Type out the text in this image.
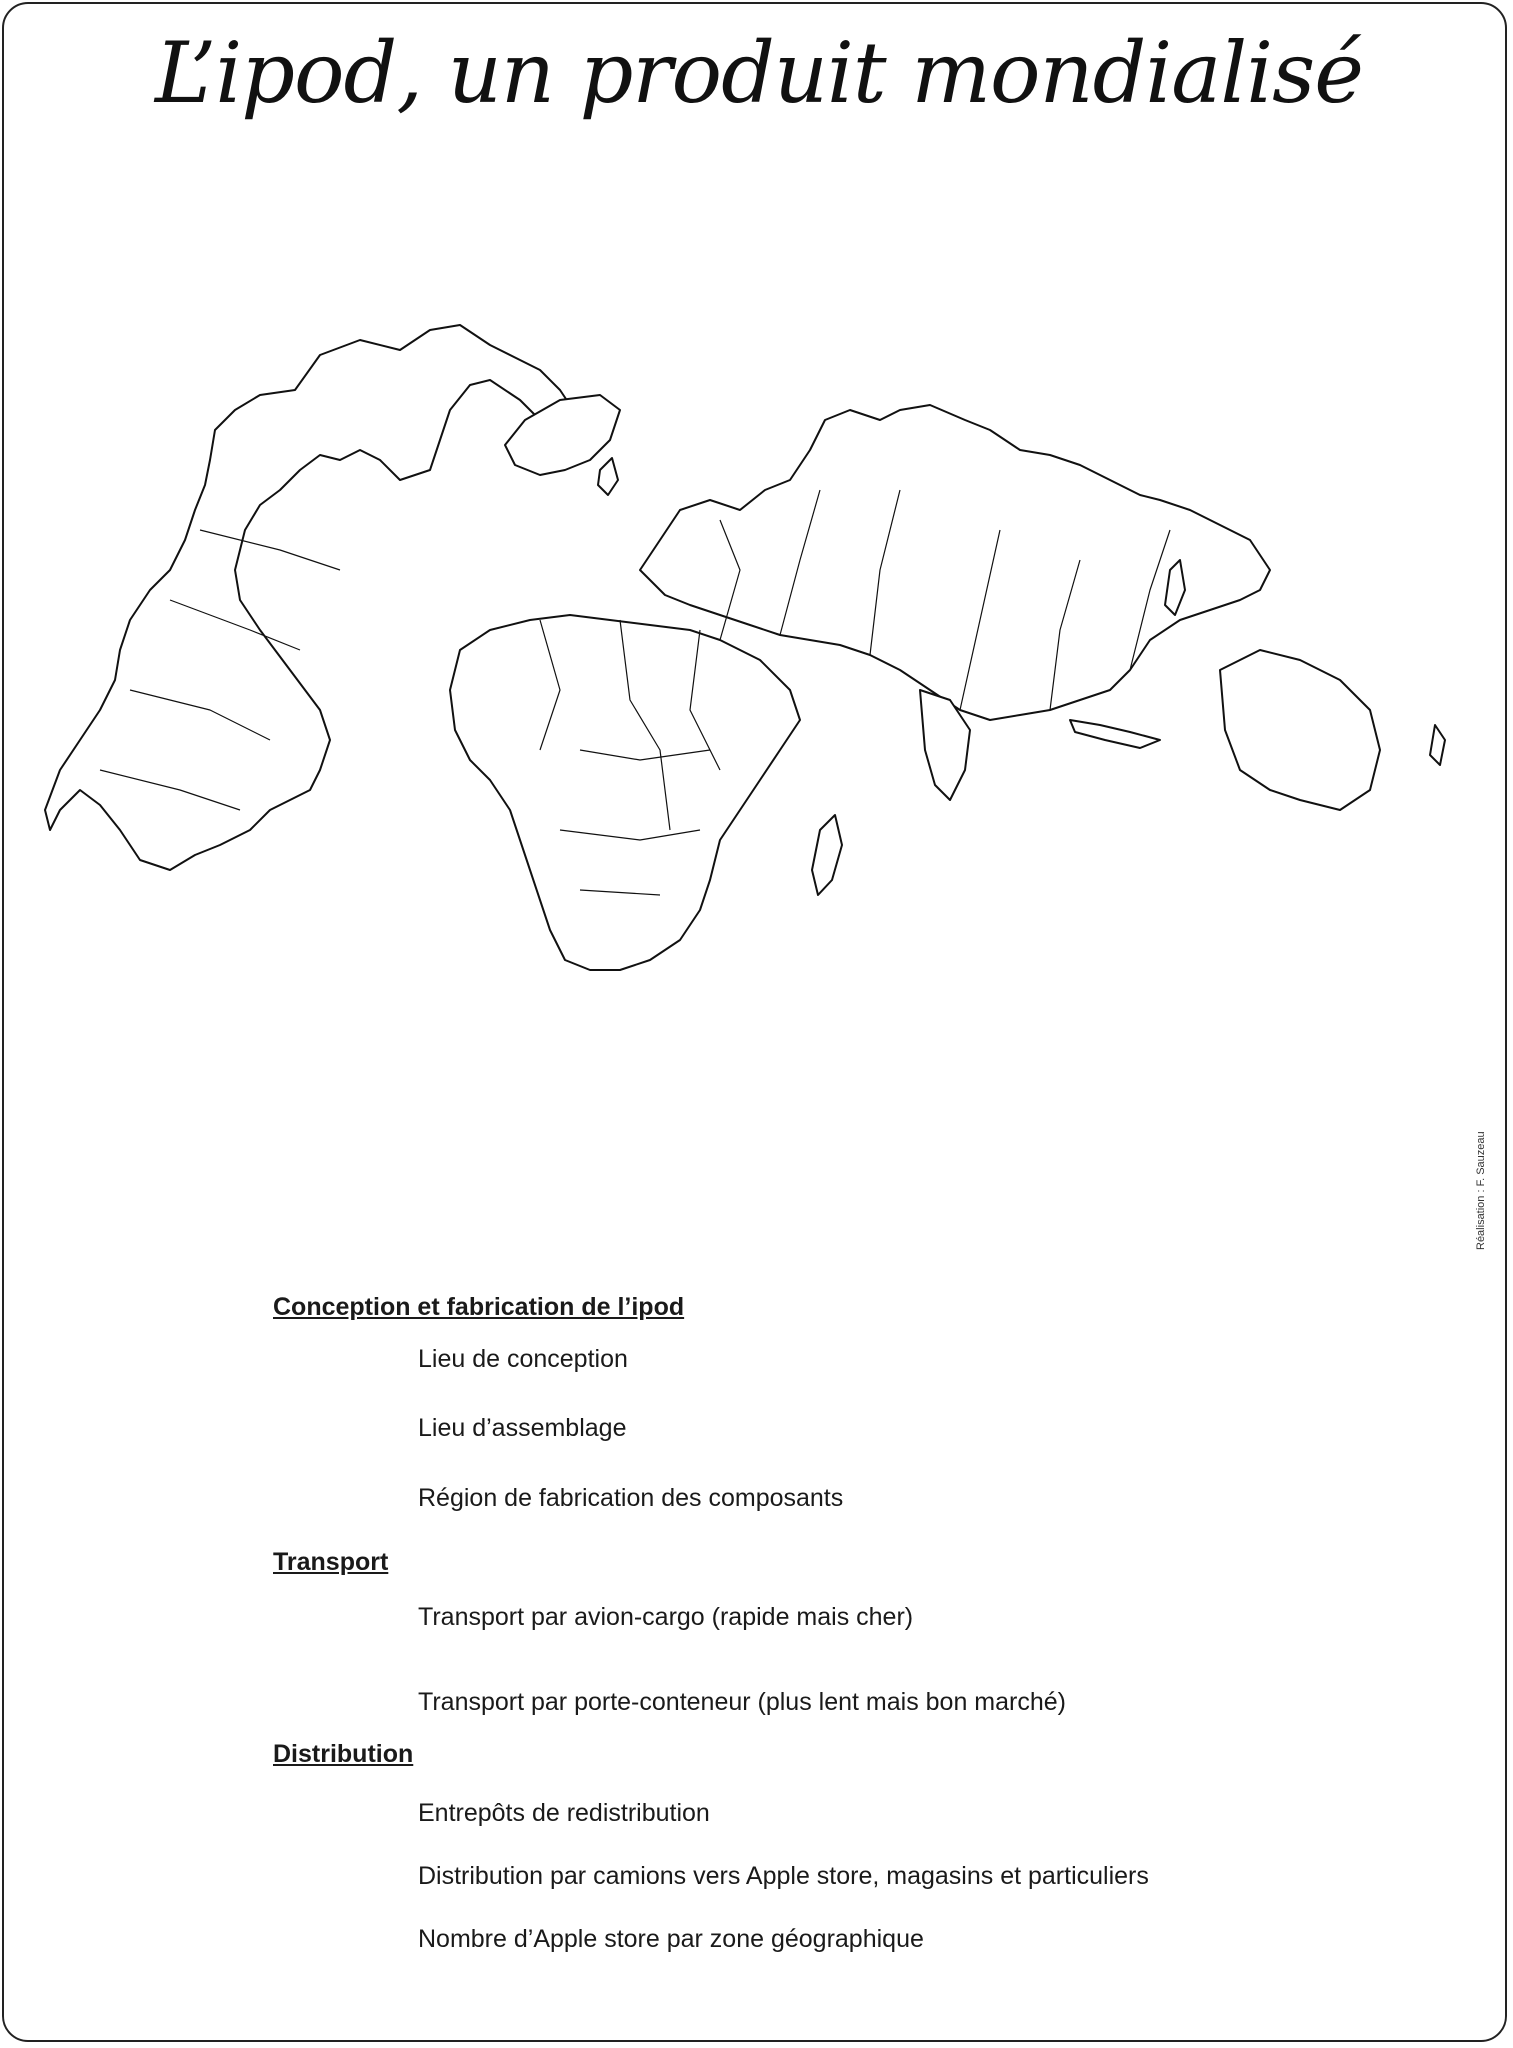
L’ipod, un produit mondialisé
Réalisation : F. Sauzeau
Conception et fabrication de l’ipod
Lieu de conception
Lieu d’assemblage
Région de fabrication des composants
Transport
Transport par avion-cargo (rapide mais cher)
Transport par porte-conteneur (plus lent mais bon marché)
Distribution
Entrepôts de redistribution
Distribution par camions vers Apple store, magasins et particuliers
Nombre d’Apple store par zone géographique
